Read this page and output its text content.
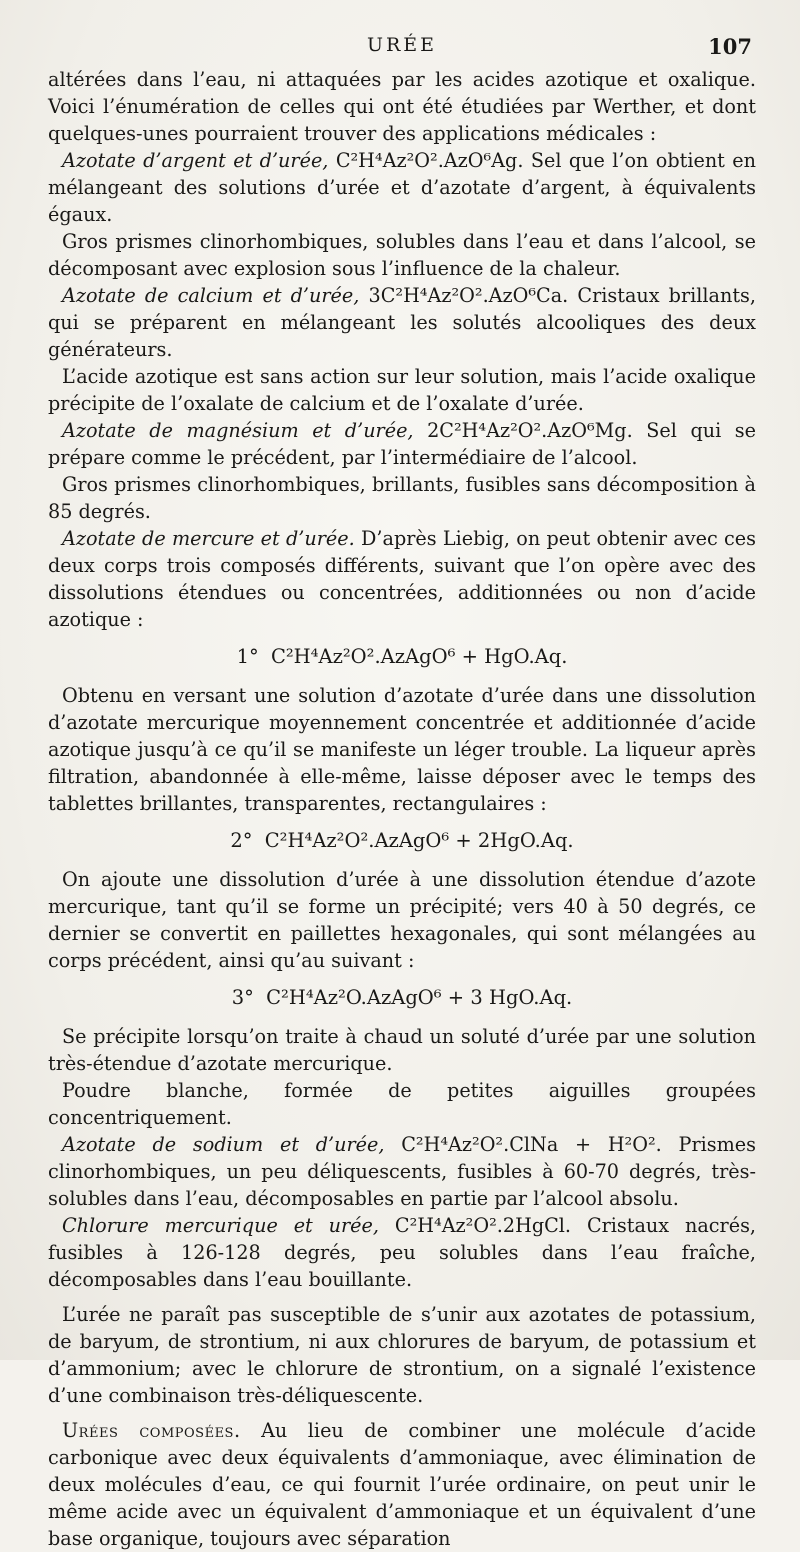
URÉE	107

altérées dans l’eau, ni attaquées par les acides azotique et oxalique. Voici l’énumération de celles qui ont été étudiées par Werther, et dont quelques-unes pourraient trouver des applications médicales :

Azotate d’argent et d’urée, C²H⁴Az²O².AzO⁶Ag. Sel que l’on obtient en mélangeant des solutions d’urée et d’azotate d’argent, à équivalents égaux.

Gros prismes clinorhombiques, solubles dans l’eau et dans l’alcool, se décomposant avec explosion sous l’influence de la chaleur.

Azotate de calcium et d’urée, 3C²H⁴Az²O².AzO⁶Ca. Cristaux brillants, qui se préparent en mélangeant les solutés alcooliques des deux générateurs.

L’acide azotique est sans action sur leur solution, mais l’acide oxalique précipite de l’oxalate de calcium et de l’oxalate d’urée.

Azotate de magnésium et d’urée, 2C²H⁴Az²O².AzO⁶Mg. Sel qui se prépare comme le précédent, par l’intermédiaire de l’alcool.

Gros prismes clinorhombiques, brillants, fusibles sans décomposition à 85 degrés.

Azotate de mercure et d’urée. D’après Liebig, on peut obtenir avec ces deux corps trois composés différents, suivant que l’on opère avec des dissolutions étendues ou concentrées, additionnées ou non d’acide azotique :

1° C²H⁴Az²O².AzAgO⁶ + HgO.Aq.

Obtenu en versant une solution d’azotate d’urée dans une dissolution d’azotate mercurique moyennement concentrée et additionnée d’acide azotique jusqu’à ce qu’il se manifeste un léger trouble. La liqueur après filtration, abandonnée à elle-même, laisse déposer avec le temps des tablettes brillantes, transparentes, rectangulaires :

2° C²H⁴Az²O².AzAgO⁶ + 2HgO.Aq.

On ajoute une dissolution d’urée à une dissolution étendue d’azote mercurique, tant qu’il se forme un précipité; vers 40 à 50 degrés, ce dernier se convertit en paillettes hexagonales, qui sont mélangées au corps précédent, ainsi qu’au suivant :

3° C²H⁴Az²O.AzAgO⁶ + 3 HgO.Aq.

Se précipite lorsqu’on traite à chaud un soluté d’urée par une solution très-étendue d’azotate mercurique.

Poudre blanche, formée de petites aiguilles groupées concentriquement.

Azotate de sodium et d’urée, C²H⁴Az²O².ClNa + H²O². Prismes clinorhombiques, un peu déliquescents, fusibles à 60-70 degrés, très-solubles dans l’eau, décomposables en partie par l’alcool absolu.

Chlorure mercurique et urée, C²H⁴Az²O².2HgCl. Cristaux nacrés, fusibles à 126-128 degrés, peu solubles dans l’eau fraîche, décomposables dans l’eau bouillante.

L’urée ne paraît pas susceptible de s’unir aux azotates de potassium, de baryum, de strontium, ni aux chlorures de baryum, de potassium et d’ammonium; avec le chlorure de strontium, on a signalé l’existence d’une combinaison très-déliquescente.

Urées composées. Au lieu de combiner une molécule d’acide carbonique avec deux équivalents d’ammoniaque, avec élimination de deux molécules d’eau, ce qui fournit l’urée ordinaire, on peut unir le même acide avec un équivalent d’ammoniaque et un équivalent d’une base organique, toujours avec séparation
